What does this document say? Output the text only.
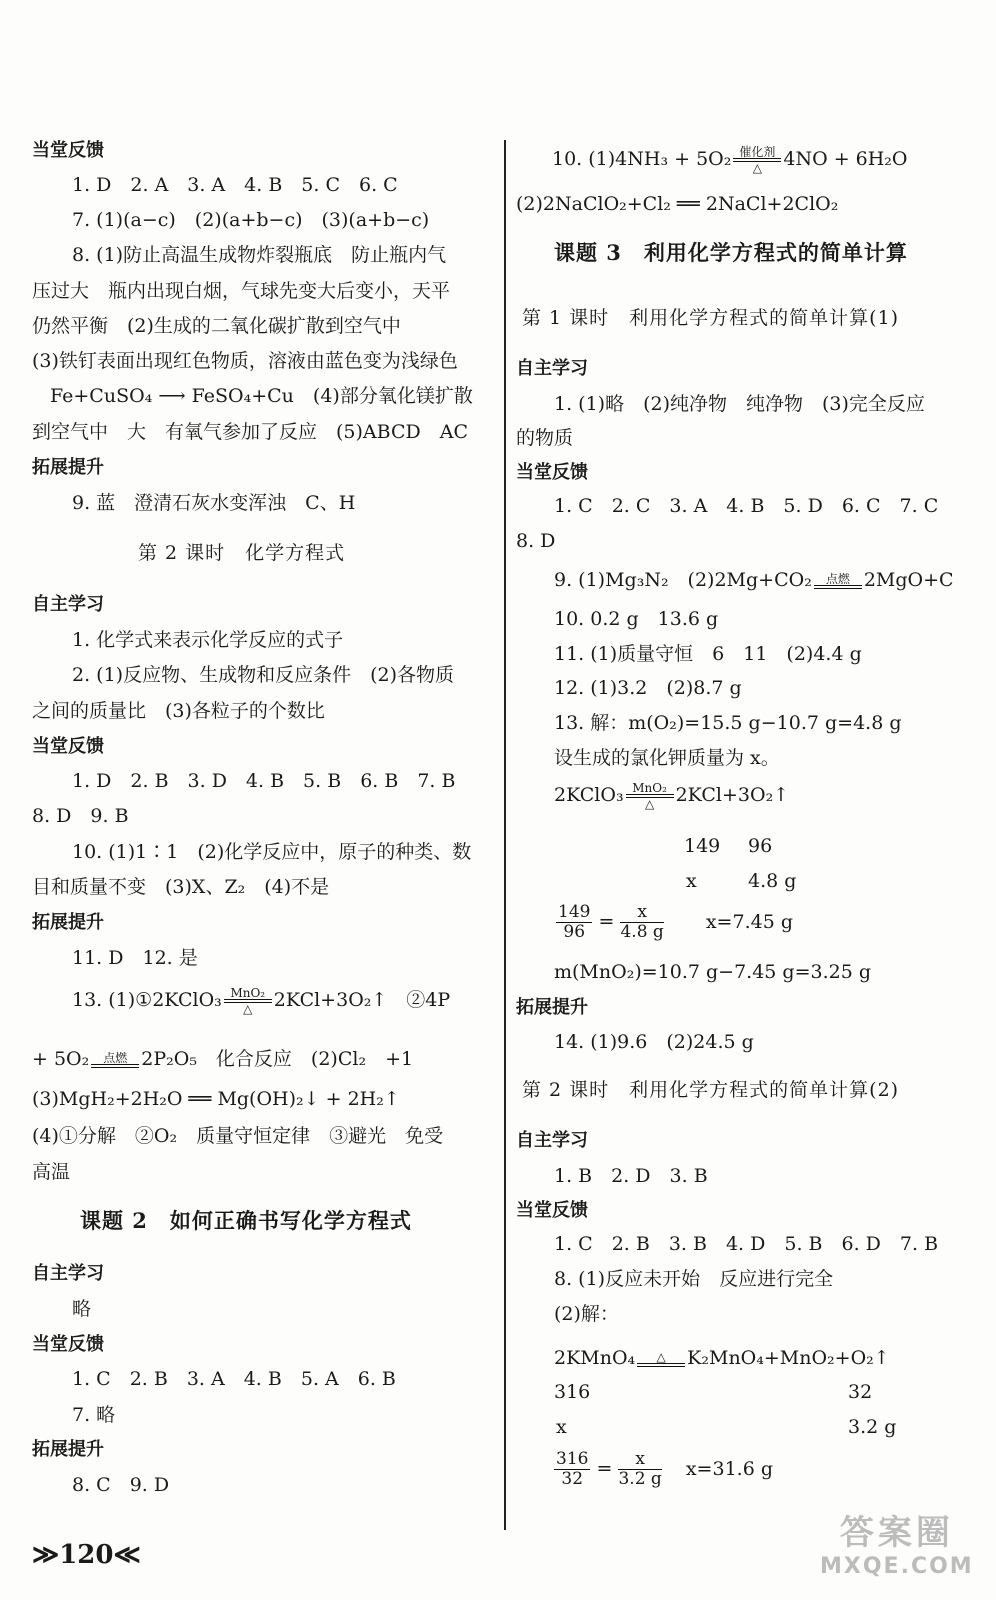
当堂反馈
1. D　2. A　3. A　4. B　5. C　6. C
7. (1)(a−c)　(2)(a+b−c)　(3)(a+b−c)
8. (1)防止高温生成物炸裂瓶底　防止瓶内气
压过大　瓶内出现白烟，气球先变大后变小，天平
仍然平衡　(2)生成的二氧化碳扩散到空气中
(3)铁钉表面出现红色物质，溶液由蓝色变为浅绿色
Fe+CuSO₄ ⟶ FeSO₄+Cu　(4)部分氧化镁扩散
到空气中　大　有氧气参加了反应　(5)ABCD　AC
拓展提升
9. 蓝　澄清石灰水变浑浊　C、H
第 2 课时　化学方程式
自主学习
1. 化学式来表示化学反应的式子
2. (1)反应物、生成物和反应条件　(2)各物质
之间的质量比　(3)各粒子的个数比
当堂反馈
1. D　2. B　3. D　4. B　5. B　6. B　7. B
8. D　9. B
10. (1)1∶1　(2)化学反应中，原子的种类、数
目和质量不变　(3)X、Z₂　(4)不是
拓展提升
11. D　12. 是
13. (1)①2KClO₃ MnO₂
△	2KCl+3O₂↑　②4P
+ 5O₂	点燃 2P₂O₅　化合反应　(2)Cl₂　+1
(3)MgH₂+2H₂O ══ Mg(OH)₂↓ + 2H₂↑
(4)①分解　②O₂　质量守恒定律　③避光　免受
高温
课题 2　如何正确书写化学方程式
自主学习
略
当堂反馈
1. C　2. B　3. A　4. B　5. A　6. B
7. 略
拓展提升
8. C　9. D
10. (1)4NH₃ + 5O₂ 催化剂
△	4NO + 6H₂O
(2)2NaClO₂+Cl₂ ══ 2NaCl+2ClO₂
课题 3　利用化学方程式的简单计算
第 1 课时　利用化学方程式的简单计算(1)
自主学习
1. (1)略　(2)纯净物　纯净物　(3)完全反应
的物质
当堂反馈
1. C　2. C　3. A　4. B　5. D　6. C　7. C
8. D
9. (1)Mg₃N₂　(2)2Mg+CO₂	点燃 2MgO+C
10. 0.2 g　13.6 g
11. (1)质量守恒　6　11　(2)4.4 g
12. (1)3.2　(2)8.7 g
13. 解：m(O₂)=15.5 g−10.7 g=4.8 g
设生成的氯化钾质量为 x。
2KClO₃ MnO₂
△	2KCl+3O₂↑
149 96
x	4.8 g
$\frac{149}{96} = \frac{x}{4.8 g} x=7.45$ g
m(MnO₂)=10.7 g−7.45 g=3.25 g
拓展提升
14. (1)9.6　(2)24.5 g
第 2 课时　利用化学方程式的简单计算(2)
自主学习
1. B　2. D　3. B
当堂反馈
1. C　2. B　3. B　4. D　5. B　6. D　7. B
8. (1)反应未开始　反应进行完全
(2)解：
2KMnO₄	△	K₂MnO₄+MnO₂+O₂↑
316	32
x	3.2 g
$\frac{316}{32} = \frac{x}{3.2 g} x=31.6$ g
≫120≪
答案圈
MXQE.COM
